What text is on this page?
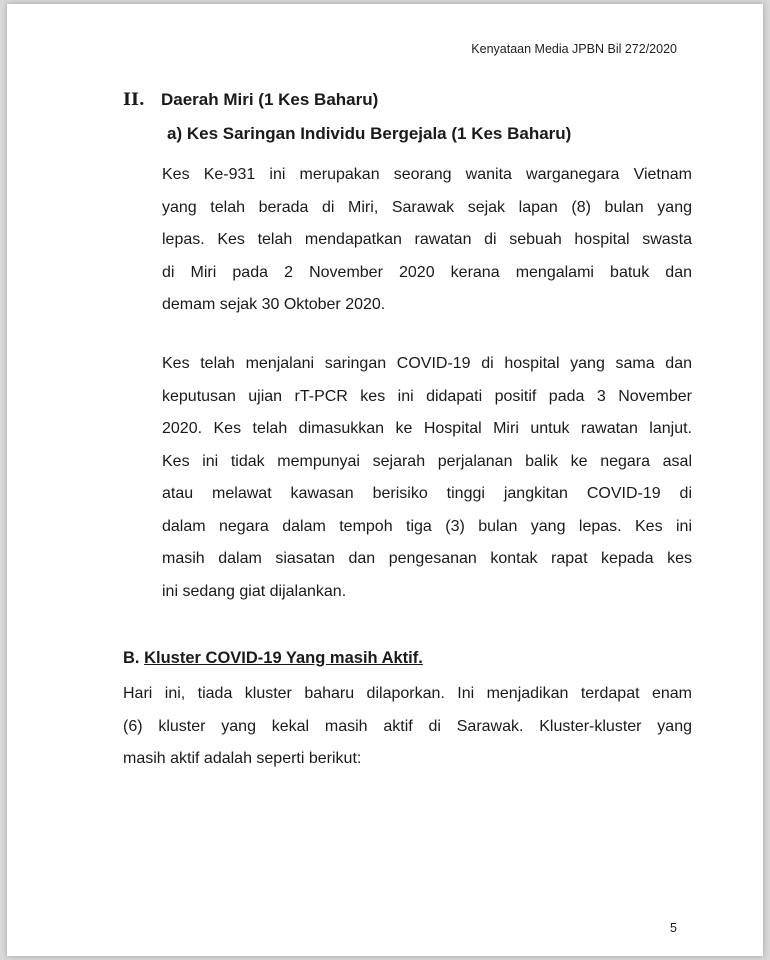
Kenyataan Media JPBN Bil 272/2020
II. Daerah Miri (1 Kes Baharu)
a) Kes Saringan Individu Bergejala (1 Kes Baharu)
Kes Ke-931 ini merupakan seorang wanita warganegara Vietnam
yang telah berada di Miri, Sarawak sejak lapan (8) bulan yang
lepas. Kes telah mendapatkan rawatan di sebuah hospital swasta
di Miri pada 2 November 2020 kerana mengalami batuk dan
demam sejak 30 Oktober 2020.
Kes telah menjalani saringan COVID-19 di hospital yang sama dan
keputusan ujian rT-PCR kes ini didapati positif pada 3 November
2020. Kes telah dimasukkan ke Hospital Miri untuk rawatan lanjut.
Kes ini tidak mempunyai sejarah perjalanan balik ke negara asal
atau melawat kawasan berisiko tinggi jangkitan COVID-19 di
dalam negara dalam tempoh tiga (3) bulan yang lepas. Kes ini
masih dalam siasatan dan pengesanan kontak rapat kepada kes
ini sedang giat dijalankan.
B. Kluster COVID-19 Yang masih Aktif.
Hari ini, tiada kluster baharu dilaporkan. Ini menjadikan terdapat enam
(6) kluster yang kekal masih aktif di Sarawak. Kluster-kluster yang
masih aktif adalah seperti berikut:
5
